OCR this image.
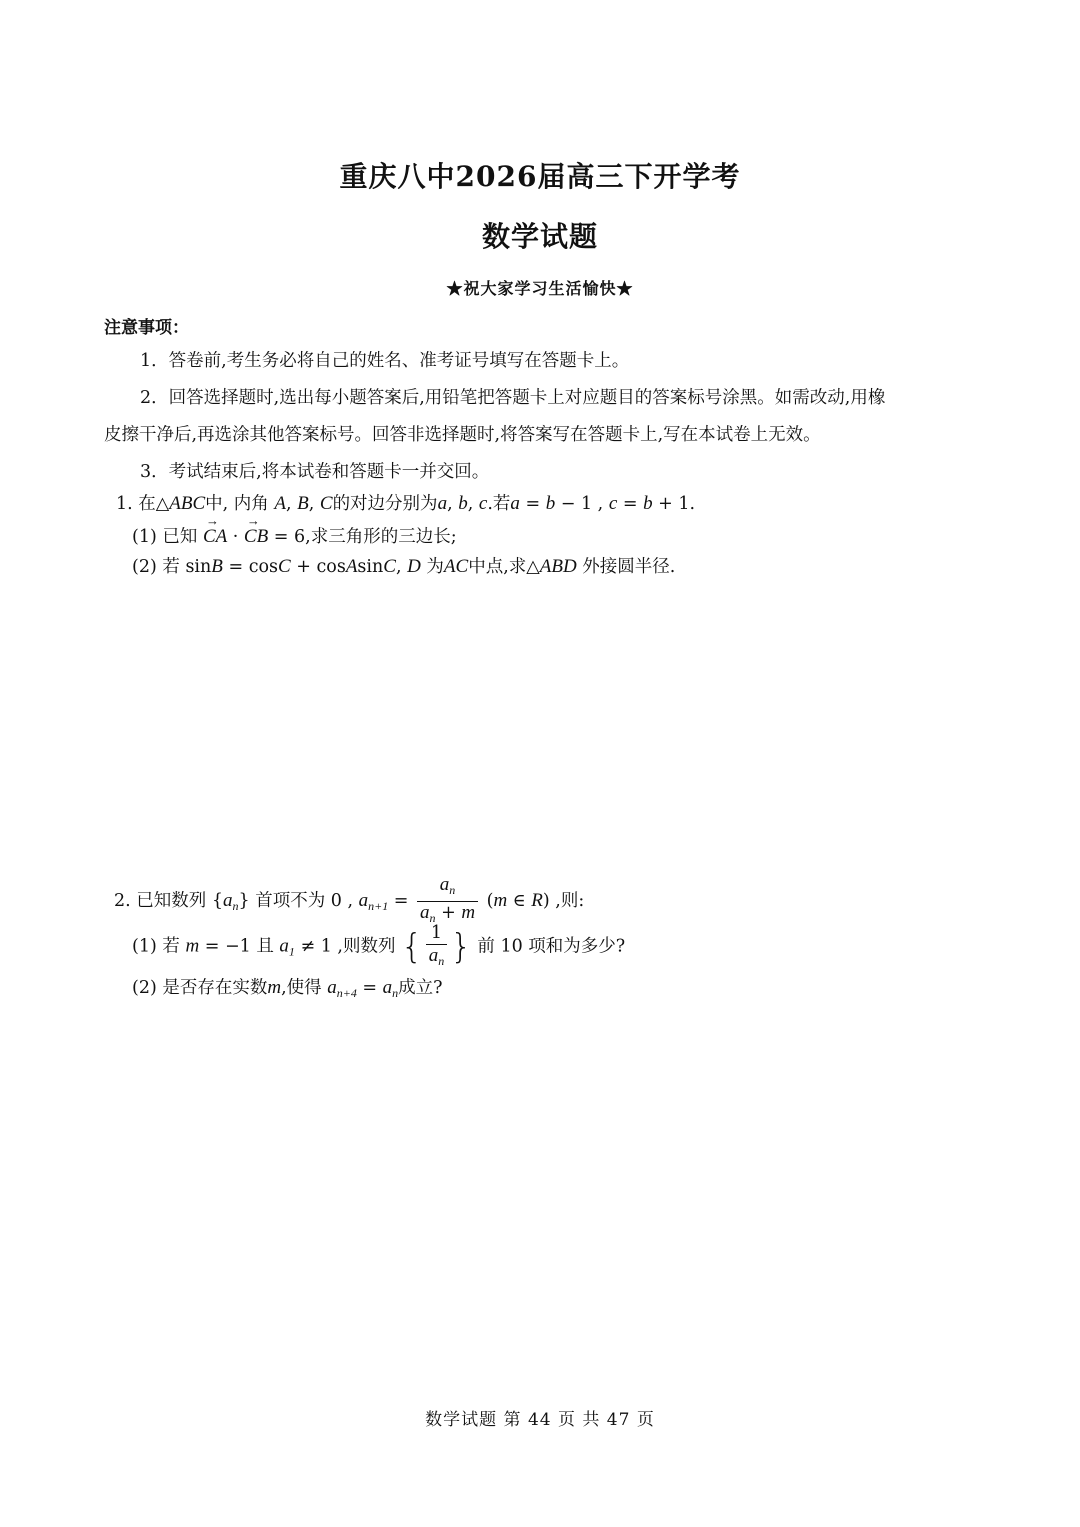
重庆八中2026届高三下开学考
数学试题
★祝大家学习生活愉快★
注意事项：
1．答卷前,考生务必将自己的姓名、准考证号填写在答题卡上。
2．回答选择题时,选出每小题答案后,用铅笔把答题卡上对应题目的答案标号涂黑。如需改动,用橡
皮擦干净后,再选涂其他答案标号。回答非选择题时,将答案写在答题卡上,写在本试卷上无效。
3．考试结束后,将本试卷和答题卡一并交回。
1. 在△ABC中, 内角 A, B, C的对边分别为a, b, c.若a = b − 1 , c = b + 1.
(1) 已知 → CA · → CB = 6,求三角形的三边长;
(2) 若 sinB = cosC + cosAsinC, D 为AC中点,求△ABD 外接圆半径.
2. 已知数列 $\{a_n\}$ 首项不为 0 , $a_{n+1} = \frac{a_n}{a_n + m} (m$ ∈ R) ,则:
(1) 若 m = −1 且 $a_1 \ne 1$ ,则数列 { $\frac{1}{a_n}$ } 前 10 项和为多少?
(2) 是否存在实数m,使得 $a_{n+4} = a_n$成立?
数学试题 第 44 页 共 47 页
